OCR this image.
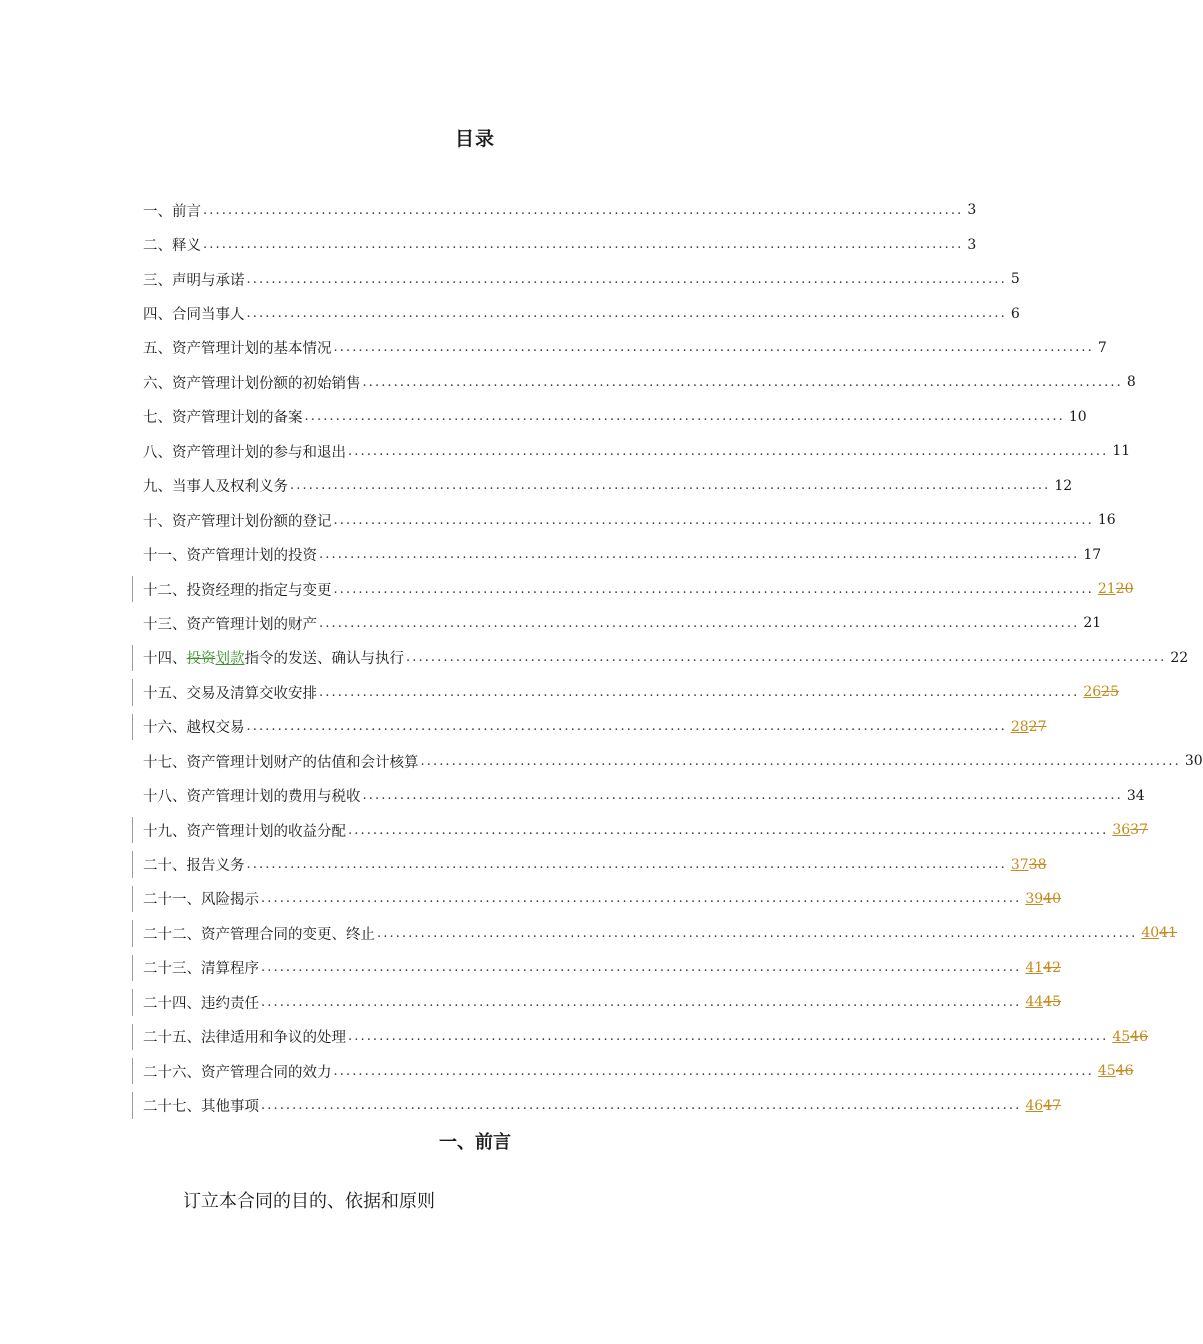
目录
一、前言 .......................................................................................................................... 3
二、释义 .......................................................................................................................... 3
三、声明与承诺 .......................................................................................................................... 5
四、合同当事人 .......................................................................................................................... 6
五、资产管理计划的基本情况 .......................................................................................................................... 7
六、资产管理计划份额的初始销售 .......................................................................................................................... 8
七、资产管理计划的备案 .......................................................................................................................... 10
八、资产管理计划的参与和退出 .......................................................................................................................... 11
九、当事人及权利义务 .......................................................................................................................... 12
十、资产管理计划份额的登记 .......................................................................................................................... 16
十一、资产管理计划的投资 .......................................................................................................................... 17
十二、投资经理的指定与变更 .......................................................................................................................... 2120
十三、资产管理计划的财产 .......................................................................................................................... 21
十四、投资划款指令的发送、确认与执行 .......................................................................................................................... 22
十五、交易及清算交收安排 .......................................................................................................................... 2625
十六、越权交易 .......................................................................................................................... 2827
十七、资产管理计划财产的估值和会计核算 .......................................................................................................................... 30
十八、资产管理计划的费用与税收 .......................................................................................................................... 34
十九、资产管理计划的收益分配 .......................................................................................................................... 3637
二十、报告义务 .......................................................................................................................... 3738
二十一、风险揭示 .......................................................................................................................... 3940
二十二、资产管理合同的变更、终止 .......................................................................................................................... 4041
二十三、清算程序 .......................................................................................................................... 4142
二十四、违约责任 .......................................................................................................................... 4445
二十五、法律适用和争议的处理 .......................................................................................................................... 4546
二十六、资产管理合同的效力 .......................................................................................................................... 4546
二十七、其他事项 .......................................................................................................................... 4647
一、前言
订立本合同的目的、依据和原则
